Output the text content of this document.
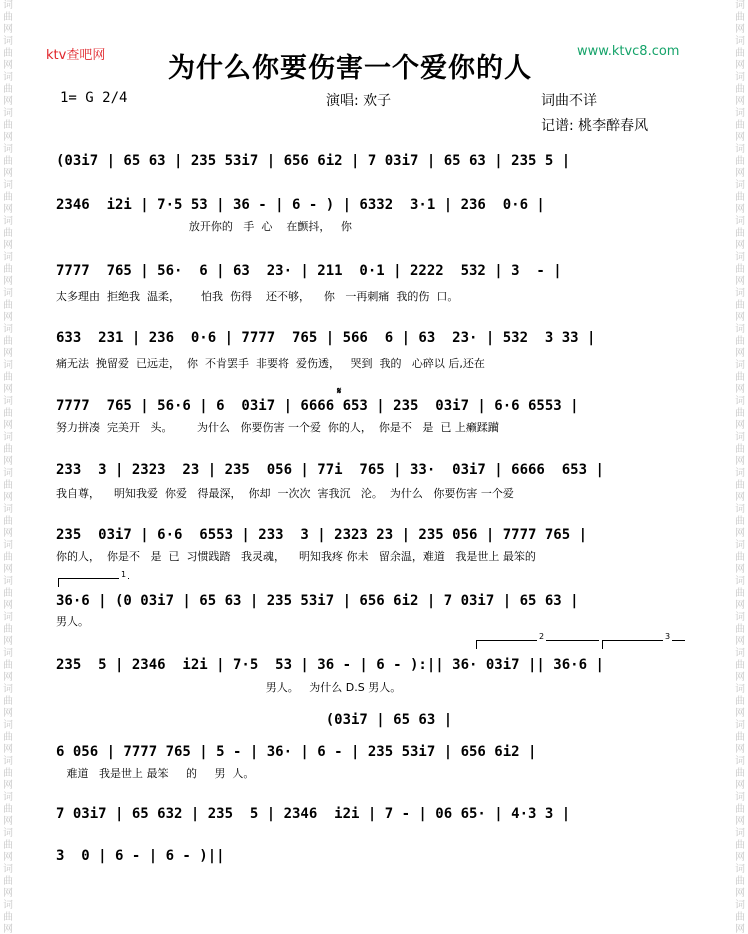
词
曲
网
词
曲
网
词
曲
网
词
曲
网
词
曲
网
词
曲
网
词
曲
网
词
曲
网
词
曲
网
词
曲
网
词
曲
网
词
曲
网
词
曲
网
词
曲
网
词
曲
网
词
曲
网
词
曲
网
词
曲
网
词
曲
网
词
曲
网
词
曲
网
词
曲
网
词
曲
网
词
曲
网
词
曲
网
词
曲
网
词
曲
网
词
曲
网
词
曲
网
词
曲
网
词
曲
网
词
曲
网
词
曲
网
词
曲
网
词
曲
网
词
曲
网
词
曲
网
词
曲
网
词
曲
网
词
曲
网
词
曲
网
词
曲
网
词
曲
网
词
曲
网
词
曲
网
词
曲
网
词
曲
网
词
曲
网
词
曲
网
词
曲
网
词
曲
网
词
曲
网
ktv查吧网	www.ktvc8.com
为什么你要伤害一个爱你的人
1= G 2/4	演唱: 欢子	词曲不详
记谱: 桃李醉春风
(03i7 | 65 63 | 235 53i7 | 656 6i2 | 7 03i7 | 65 63 | 235 5 |
2346  i2i | 7·5 53 | 36 - | 6 - ) | 6332  3·1 | 236  0·6 |
放开你的   手  心    在颤抖，   你
7777  765 | 56·  6 | 63  23· | 211  0·1 | 2222  532 | 3  - |
太多理由  拒绝我  温柔，      怕我  伤得    还不够，    你   一再刺痛  我的伤  口。
633  231 | 236  0·6 | 7777  765 | 566  6 | 63  23· | 532  3 33 |
痛无法  挽留爱  已远走，  你  不肯罢手  非要将  爱伤透，   哭到  我的   心碎以 后,还在
𝄋
7777  765 | 56·6 | 6  03i7 | 6666 653 | 235  03i7 | 6·6 6553 |
努力拼凑  完美开   头。       为什么   你要伤害 一个爱  你的人，  你是不   是  已 上癞蹂躏
233  3 | 2323  23 | 235  056 | 77i  765 | 33·  03i7 | 6666  653 |
我自尊，    明知我爱  你爱   得最深，  你却  一次次  害我沉   沦。  为什么   你要伤害 一个爱
235  03i7 | 6·6  6553 | 233  3 | 2323 23 | 235 056 | 7777 765 |
你的人，  你是不   是  已  习惯践踏   我灵魂，    明知我疼 你未   留余温，难道   我是世上 最笨的
1
36·6 | (0 03i7 | 65 63 | 235 53i7 | 656 6i2 | 7 03i7 | 65 63 |
男人。
2	3
235  5 | 2346  i2i | 7·5  53 | 36 - | 6 - ):|| 36· 03i7 || 36·6 |
男人。   为什么 D.S 男人。
(03i7 | 65 63 |
6 056 | 7777 765 | 5 - | 36· | 6 - | 235 53i7 | 656 6i2 |
难道   我是世上 最笨     的     男  人。
7 03i7 | 65 632 | 235  5 | 2346  i2i | 7 - | 06 65· | 4·3 3 |
3  0 | 6 - | 6 - )||
